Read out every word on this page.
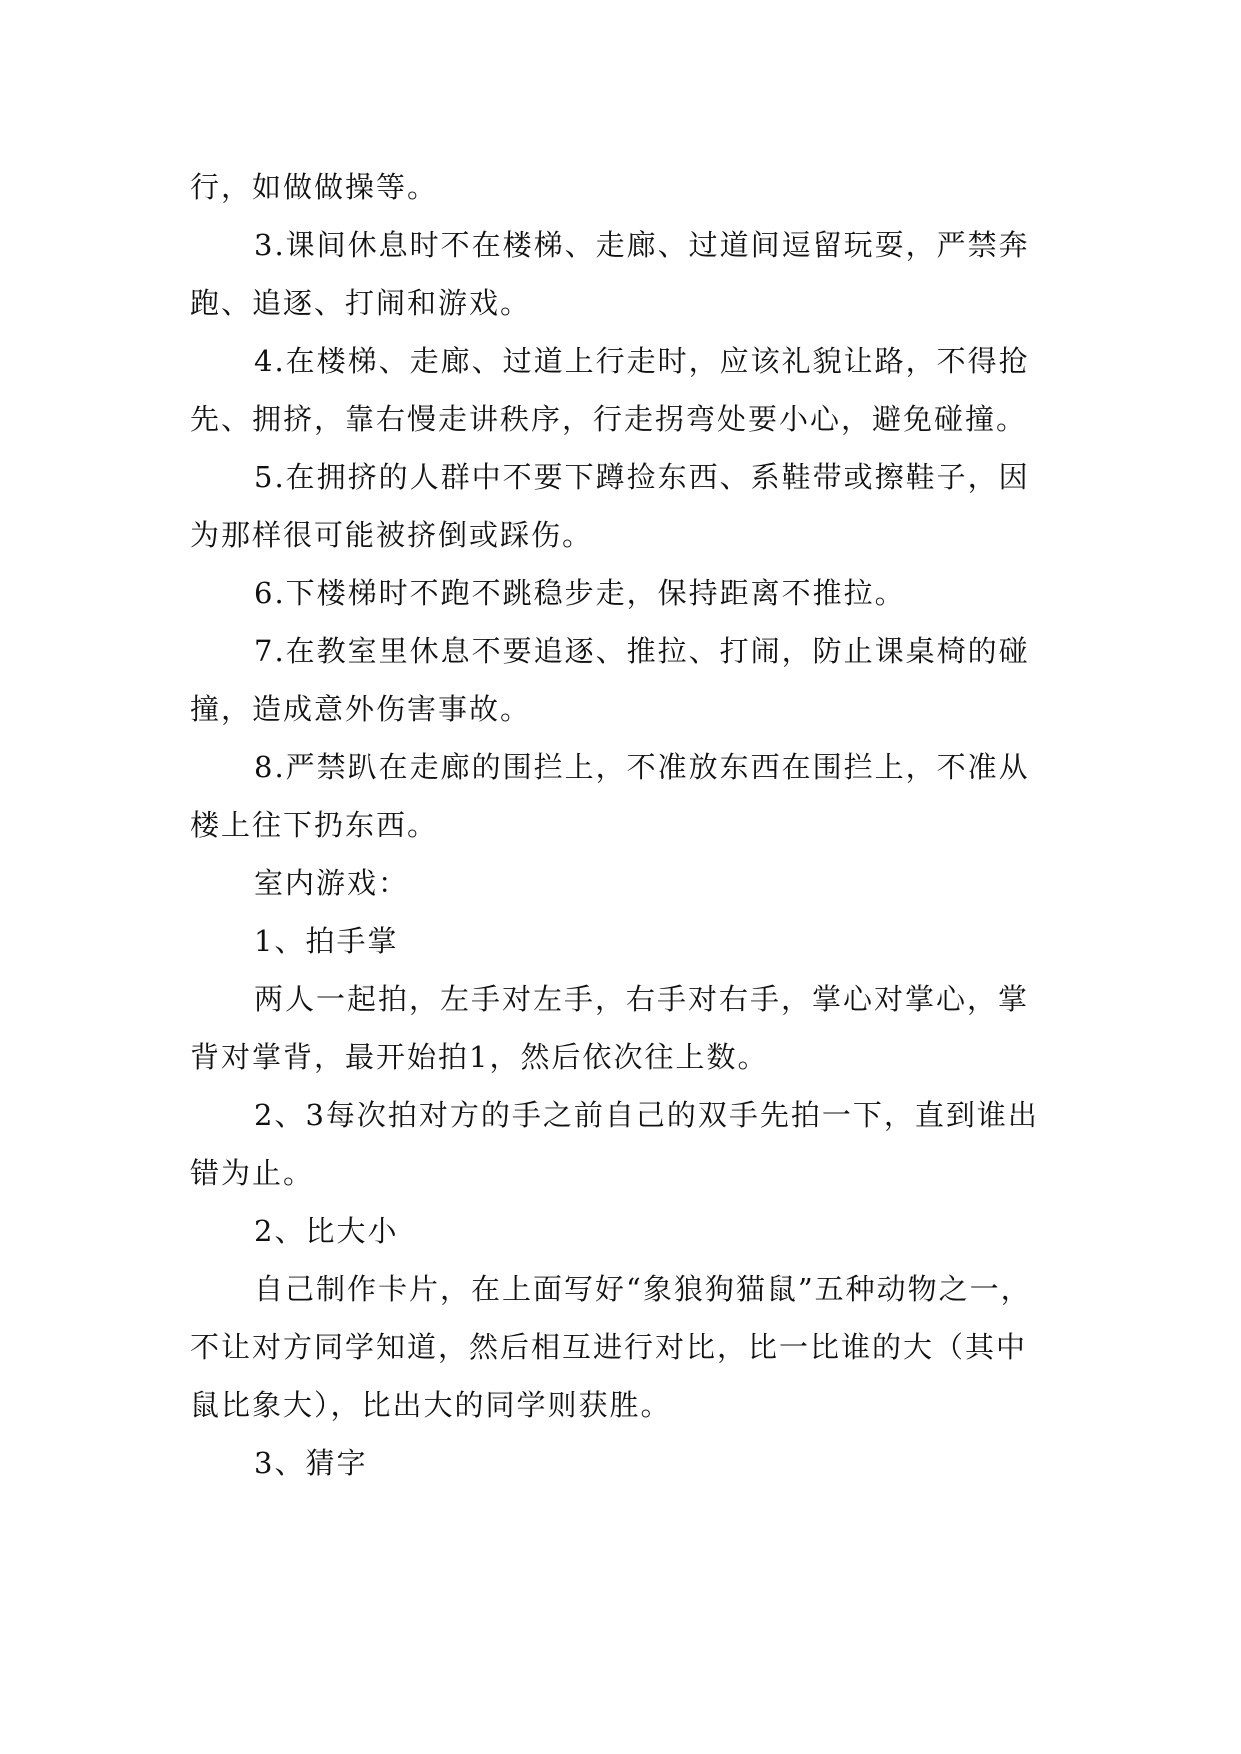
行，如做做操等。

3.课间休息时不在楼梯、走廊、过道间逗留玩耍，严禁奔跑、追逐、打闹和游戏。

4.在楼梯、走廊、过道上行走时，应该礼貌让路，不得抢先、拥挤，靠右慢走讲秩序，行走拐弯处要小心，避免碰撞。

5.在拥挤的人群中不要下蹲捡东西、系鞋带或擦鞋子，因为那样很可能被挤倒或踩伤。

6.下楼梯时不跑不跳稳步走，保持距离不推拉。

7.在教室里休息不要追逐、推拉、打闹，防止课桌椅的碰撞，造成意外伤害事故。

8.严禁趴在走廊的围拦上，不准放东西在围拦上，不准从楼上往下扔东西。

室内游戏：

1、拍手掌

两人一起拍，左手对左手，右手对右手，掌心对掌心，掌背对掌背，最开始拍1，然后依次往上数。

2、3每次拍对方的手之前自己的双手先拍一下，直到谁出错为止。

2、比大小

自己制作卡片，在上面写好“象狼狗猫鼠”五种动物之一，不让对方同学知道，然后相互进行对比，比一比谁的大（其中鼠比象大），比出大的同学则获胜。

3、猜字
